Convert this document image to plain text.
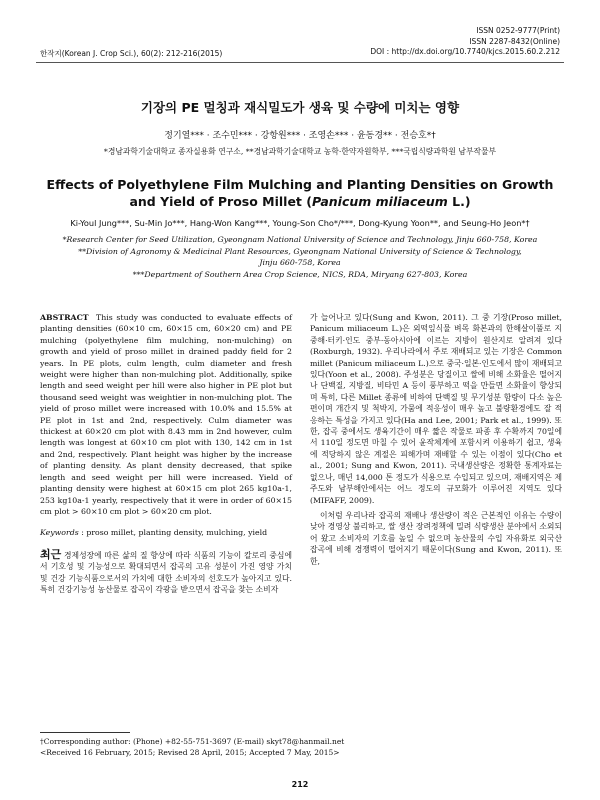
한작지(Korean J. Crop Sci.), 60(2): 212-216(2015)
ISSN 0252-9777(Print)
ISSN 2287-8432(Online)
DOI : http://dx.doi.org/10.7740/kjcs.2015.60.2.212
기장의 PE 멀칭과 재식밀도가 생육 및 수량에 미치는 영향
정기열*** · 조수민*** · 강항원*** · 조영손*** · 윤동경** · 전승호*†
*경남과학기술대학교 종자실용화 연구소, **경남과학기술대학교 농학·한약자원학부, ***국립식량과학원 남부작물부
Effects of Polyethylene Film Mulching and Planting Densities on Growth
and Yield of Proso Millet (Panicum miliaceum L.)
Ki-Youl Jung***, Su-Min Jo***, Hang-Won Kang***, Young-Son Cho*/***, Dong-Kyung Yoon**, and Seung-Ho Jeon*†
*Research Center for Seed Utilization, Gyeongnam National University of Science and Technology, Jinju 660-758, Korea
**Division of Agronomy & Medicinal Plant Resources, Gyeongnam National University of Science & Technology,
Jinju 660-758, Korea
***Department of Southern Area Crop Science, NICS, RDA, Miryang 627-803, Korea

ABSTRACT This study was conducted to evaluate effects of planting densities (60×10 cm, 60×15 cm, 60×20 cm) and PE mulching (polyethylene film mulching, non-mulching) on growth and yield of proso millet in drained paddy field for 2 years. In PE plots, culm length, culm diameter and fresh weight were higher than non-mulching plot. Additionally, spike length and seed weight per hill were also higher in PE plot but thousand seed weight was weightier in non-mulching plot. The yield of proso millet were increased with 10.0% and 15.5% at PE plot in 1st and 2nd, respectively. Culm diameter was thickest at 60×20 cm plot with 8.43 mm in 2nd however, culm length was longest at 60×10 cm plot with 130, 142 cm in 1st and 2nd, respectively. Plant height was higher by the increase of planting density. As plant density decreased, that spike length and seed weight per hill were increased. Yield of planting density were highest at 60×15 cm plot 265 kg10a-1, 253 kg10a-1 yearly, respectively that it were in order of 60×15 cm plot > 60×10 cm plot > 60×20 cm plot.

Keywords : proso millet, planting density, mulching, yield

최근 경제성장에 따른 삶의 질 향상에 따라 식품의 기능이 칼로리 중심에서 기호성 및 기능성으로 확대되면서 잡곡의 고유 성분이 가진 영양 가치 및 건강 기능식품으로서의 가치에 대한 소비자의 선호도가 높아지고 있다. 특히 건강기능성 농산물로 잡곡이 각광을 받으면서 잡곡을 찾는 소비자

가 늘어나고 있다(Sung and Kwon, 2011). 그 중 기장(Proso millet, Panicum miliaceum L.)은 외떡잎식물 벼목 화본과의 한해살이풀로 지중해·터키·인도 중부·동아시아에 이르는 지방이 원산지로 알려져 있다(Roxburgh, 1932). 우리나라에서 주로 재배되고 있는 기장은 Common millet (Panicum miliaceum L.)으로 중국·일본·인도에서 많이 재배되고 있다(Yoon et al., 2008). 주성분은 당질이고 쌀에 비해 소화율은 떨어지나 단백질, 지방질, 비타민 A 등이 풍부하고 떡을 만들면 소화율이 향상되며 특히, 다른 Millet 종류에 비하여 단백질 및 무기성분 함량이 다소 높은 편이며 개간지 및 척박지, 가뭄에 적응성이 매우 높고 불량환경에도 잘 적응하는 특성을 가지고 있다(Ha and Lee, 2001; Park et al., 1999). 또한, 잡곡 중에서도 생육기간이 매우 짧은 작물로 파종 후 수확까지 70일에서 110일 정도면 마칠 수 있어 윤작체계에 포함시켜 이용하기 쉽고, 생육에 적당하지 않은 계절은 피해가며 재배할 수 있는 이점이 있다(Cho et al., 2001; Sung and Kwon, 2011). 국내생산량은 정확한 통계자료는 없으나, 매년 14,000 톤 정도가 식용으로 수입되고 있으며, 재배지역은 제주도와 남부해안에서는 어느 정도의 규모화가 이루어진 지역도 있다(MIFAFF, 2009).

이처럼 우리나라 잡곡의 재배나 생산량이 적은 근본적인 이유는 수량이 낮아 경영상 불리하고, 쌀 생산 장려정책에 밀려 식량생산 분야에서 소외되어 왔고 소비자의 기호를 높일 수 없으며 농산물의 수입 자유화로 외국산 잡곡에 비해 경쟁력이 떨어지기 때문이다(Sung and Kwon, 2011). 또한,

†Corresponding author: (Phone) +82-55-751-3697 (E-mail) skyt78@hanmail.net
<Received 16 February, 2015; Revised 28 April, 2015; Accepted 7 May, 2015>
212
